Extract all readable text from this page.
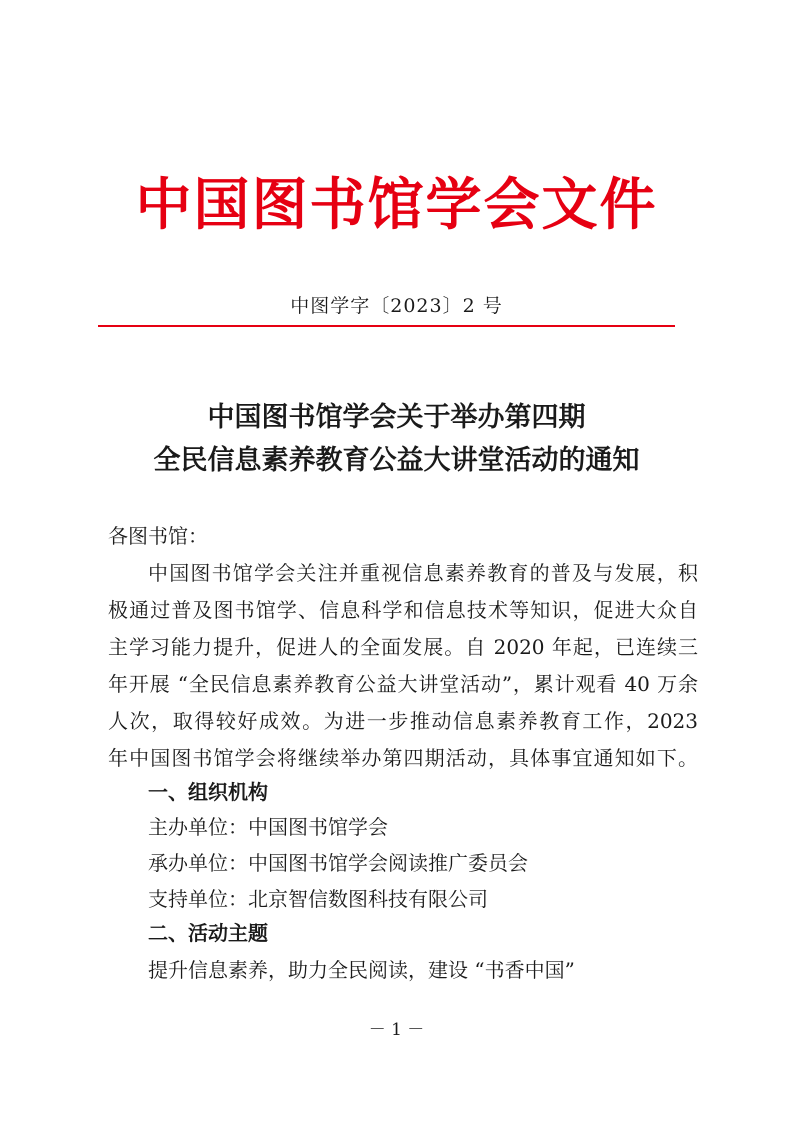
中国图书馆学会文件
中图学字〔2023〕2 号
中国图书馆学会关于举办第四期
全民信息素养教育公益大讲堂活动的通知
各图书馆：
中国图书馆学会关注并重视信息素养教育的普及与发展，积
极通过普及图书馆学、信息科学和信息技术等知识，促进大众自
主学习能力提升，促进人的全面发展。自 2020 年起，已连续三
年开展 “全民信息素养教育公益大讲堂活动”，累计观看 40 万余
人次，取得较好成效。为进一步推动信息素养教育工作，2023
年中国图书馆学会将继续举办第四期活动，具体事宜通知如下。
一、组织机构
主办单位：中国图书馆学会
承办单位：中国图书馆学会阅读推广委员会
支持单位：北京智信数图科技有限公司
二、活动主题
提升信息素养，助力全民阅读，建设 “书香中国”
－ 1 －
